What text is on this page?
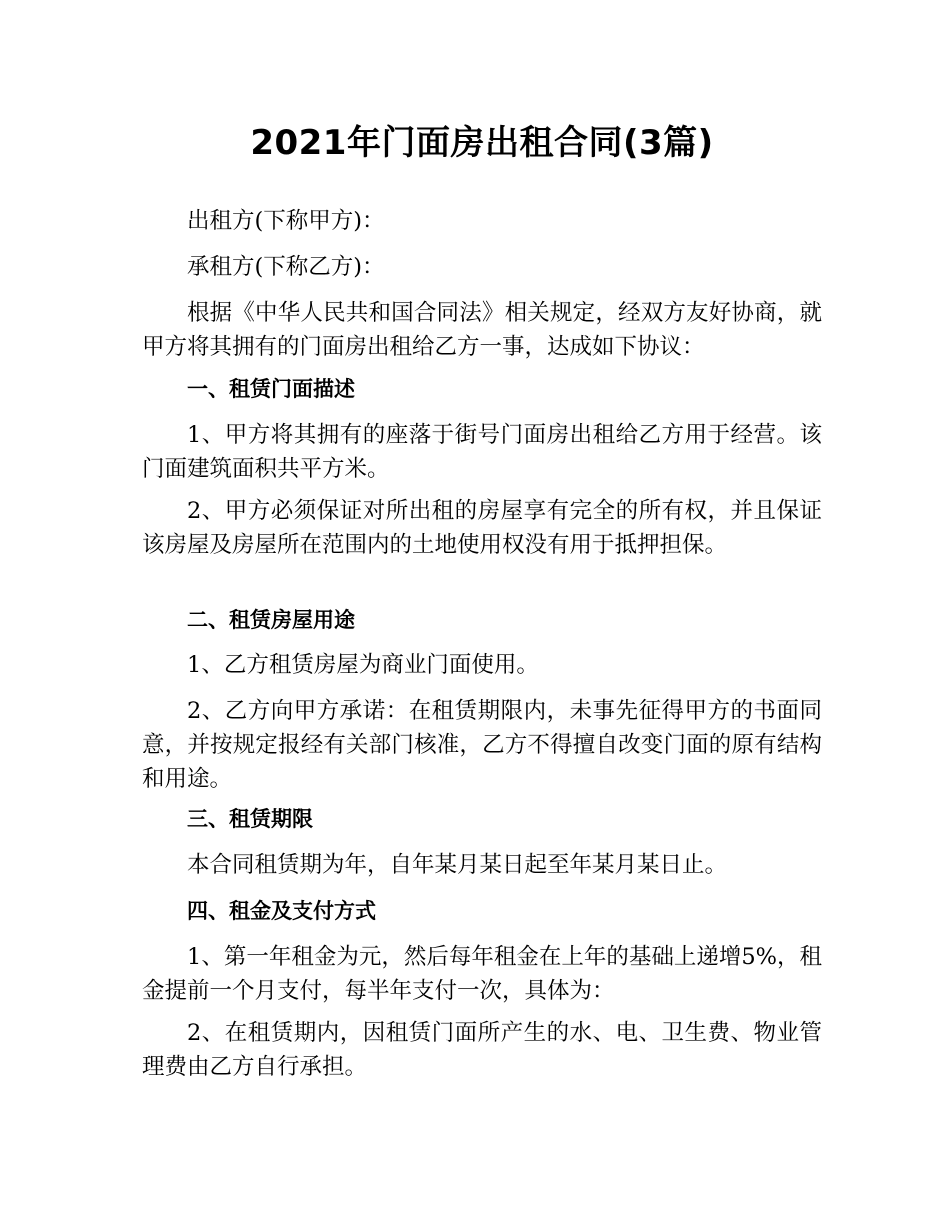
2021年门面房出租合同(3篇)

出租方(下称甲方)：

承租方(下称乙方)：

根据《中华人民共和国合同法》相关规定，经双方友好协商，就甲方将其拥有的门面房出租给乙方一事，达成如下协议：

一、租赁门面描述

1、甲方将其拥有的座落于街号门面房出租给乙方用于经营。该门面建筑面积共平方米。

2、甲方必须保证对所出租的房屋享有完全的所有权，并且保证该房屋及房屋所在范围内的土地使用权没有用于抵押担保。

二、租赁房屋用途

1、乙方租赁房屋为商业门面使用。

2、乙方向甲方承诺：在租赁期限内，未事先征得甲方的书面同意，并按规定报经有关部门核准，乙方不得擅自改变门面的原有结构和用途。

三、租赁期限

本合同租赁期为年，自年某月某日起至年某月某日止。

四、租金及支付方式

1、第一年租金为元，然后每年租金在上年的基础上递增5%，租金提前一个月支付，每半年支付一次，具体为：

2、在租赁期内，因租赁门面所产生的水、电、卫生费、物业管理费由乙方自行承担。
